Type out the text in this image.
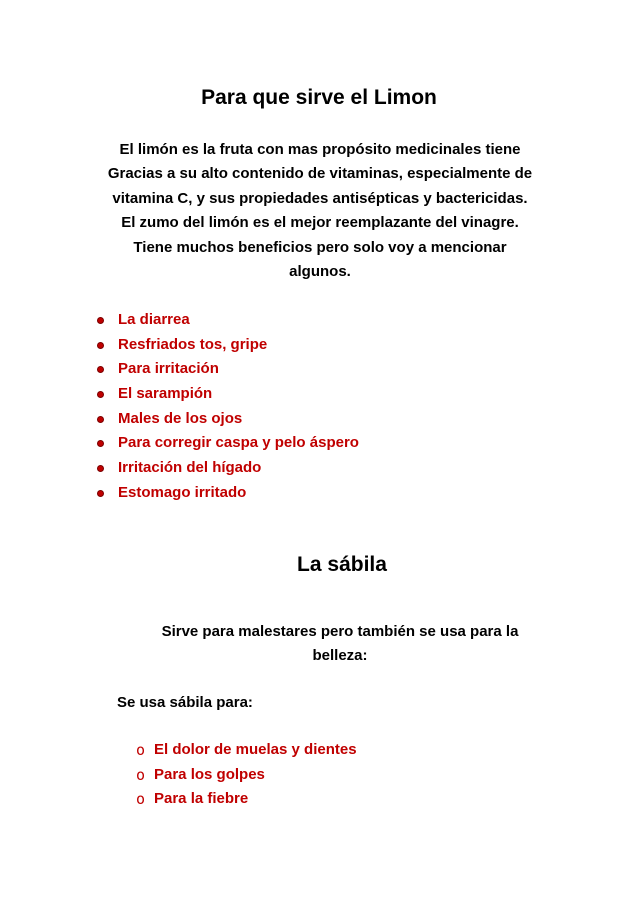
Para que sirve el Limon
El limón es la fruta con mas propósito medicinales tiene
Gracias a su alto contenido de vitaminas, especialmente de
vitamina C, y sus propiedades antisépticas y bactericidas.
El zumo del limón es el mejor reemplazante del vinagre.
Tiene muchos beneficios pero solo voy a mencionar
algunos.
La diarrea
Resfriados tos, gripe
Para irritación
El sarampión
Males de los ojos
Para corregir caspa y pelo áspero
Irritación del hígado
Estomago irritado
La sábila
Sirve para malestares pero también se usa para la
belleza:
Se usa sábila para:
o El dolor de muelas y dientes
o Para los golpes
o Para la fiebre
